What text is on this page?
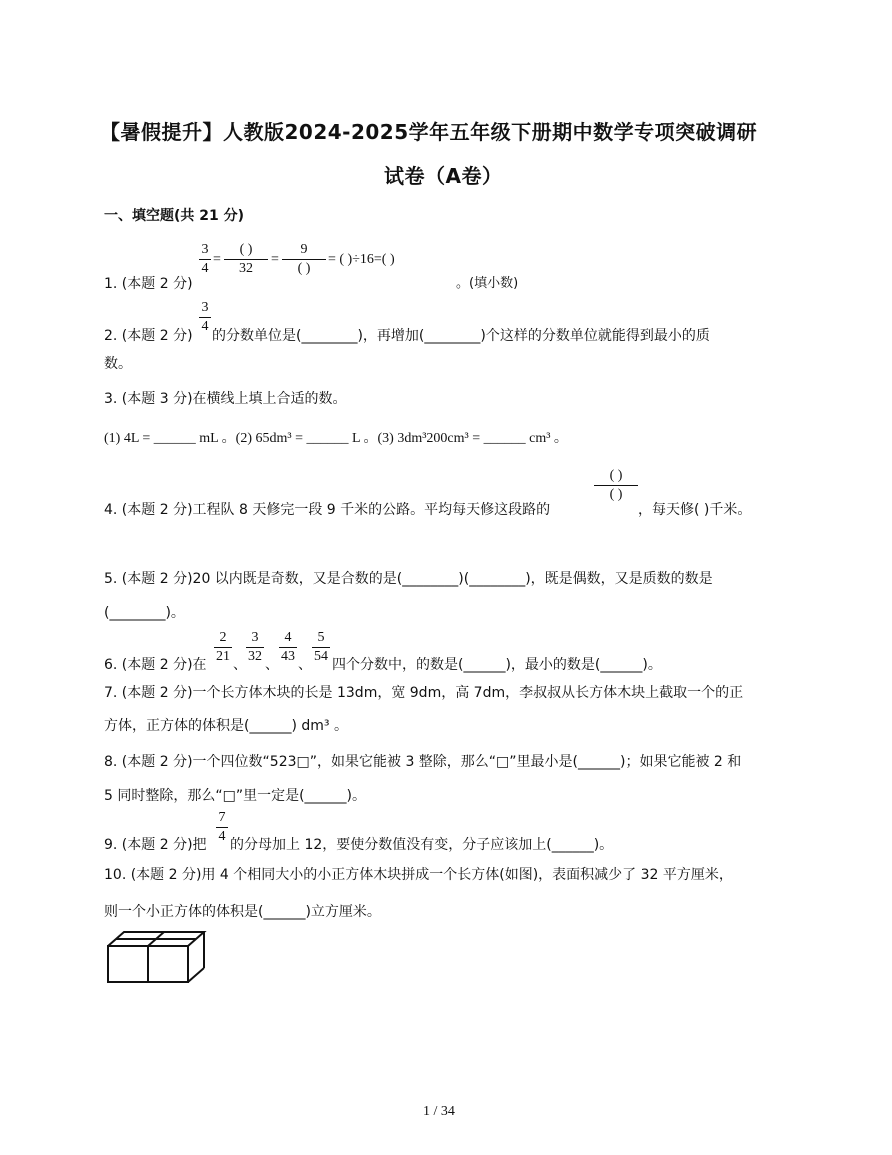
【暑假提升】人教版2024-2025学年五年级下册期中数学专项突破调研
试卷（A卷）
一、填空题(共 21 分)
1. (本题 2 分)
3
4
=
( )
32
=
9
( )
= ( )÷16=( )
。(填小数)
3
4
2. (本题 2 分) 的分数单位是(________)，再增加(________)个这样的分数单位就能得到最小的质
数。
3. (本题 3 分)在横线上填上合适的数。
(1) 4L = ______ mL 。(2) 65dm³ = ______ L 。(3) 3dm³200cm³ = ______ cm³ 。
4. (本题 2 分)工程队 8 天修完一段 9 千米的公路。平均每天修这段路的
( )
( )
，每天修( )千米。
5. (本题 2 分)20 以内既是奇数，又是合数的是(________)(________)，既是偶数，又是质数的数是
(________)。
6. (本题 2 分)在
2
21
、
3
32
、
4
43
、
5
54
四个分数中，的数是(______)，最小的数是(______)。
7. (本题 2 分)一个长方体木块的长是 13dm，宽 9dm，高 7dm，李叔叔从长方体木块上截取一个的正
方体，正方体的体积是(______) dm³ 。
8. (本题 2 分)一个四位数“523□”，如果它能被 3 整除，那么“□”里最小是(______)；如果它能被 2 和
5 同时整除，那么“□”里一定是(______)。
7
4
9. (本题 2 分)把 的分母加上 12，要使分数值没有变，分子应该加上(______)。
10. (本题 2 分)用 4 个相同大小的小正方体木块拼成一个长方体(如图)，表面积减少了 32 平方厘米，
则一个小正方体的体积是(______)立方厘米。
1 / 34
